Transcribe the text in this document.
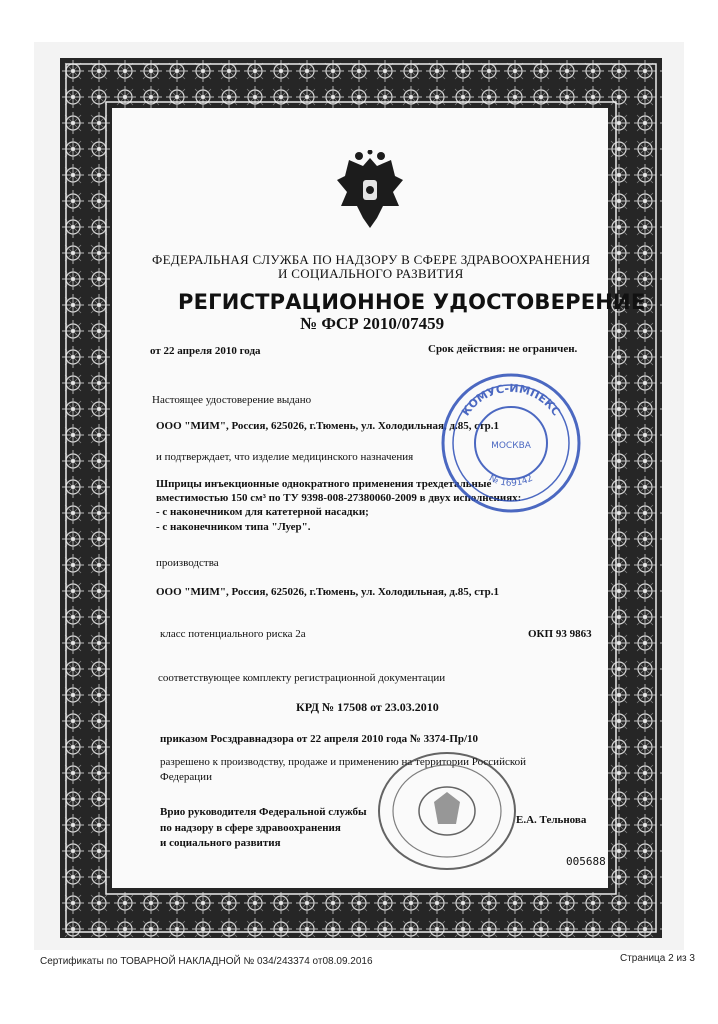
ФЕДЕРАЛЬНАЯ СЛУЖБА ПО НАДЗОРУ В СФЕРЕ ЗДРАВООХРАНЕНИЯ
И СОЦИАЛЬНОГО РАЗВИТИЯ
РЕГИСТРАЦИОННОЕ УДОСТОВЕРЕНИЕ
№ ФСР 2010/07459
от 22 апреля 2010 года	Срок действия: не ограничен.
Настоящее удостоверение выдано
ООО "МИМ", Россия, 625026, г.Тюмень, ул. Холодильная, д.85, стр.1
и подтверждает, что изделие медицинского назначения
Шприцы инъекционные однократного применения трехдетальные
вместимостью 150 см³ по ТУ 9398-008-27380060-2009 в двух исполнениях:
- с наконечником для катетерной насадки;
- с наконечником типа "Луер".
производства
ООО "МИМ", Россия, 625026, г.Тюмень, ул. Холодильная, д.85, стр.1
класс потенциального риска 2а	ОКП 93 9863
соответствующее комплекту регистрационной документации
КРД № 17508 от 23.03.2010
приказом Росздравнадзора от 22 апреля 2010 года № 3374-Пр/10
разрешено к производству, продаже и применению на территории Российской
Федерации
Врио руководителя Федеральной службы
по надзору в сфере здравоохранения
и социального развития
Е.А. Тельнова
005688
КОМУС-ИМПЕКС
№ 169142
МОСКВА
Сертификаты по ТОВАРНОЙ НАКЛАДНОЙ № 034/243374 от08.09.2016	Страница 2 из 3
